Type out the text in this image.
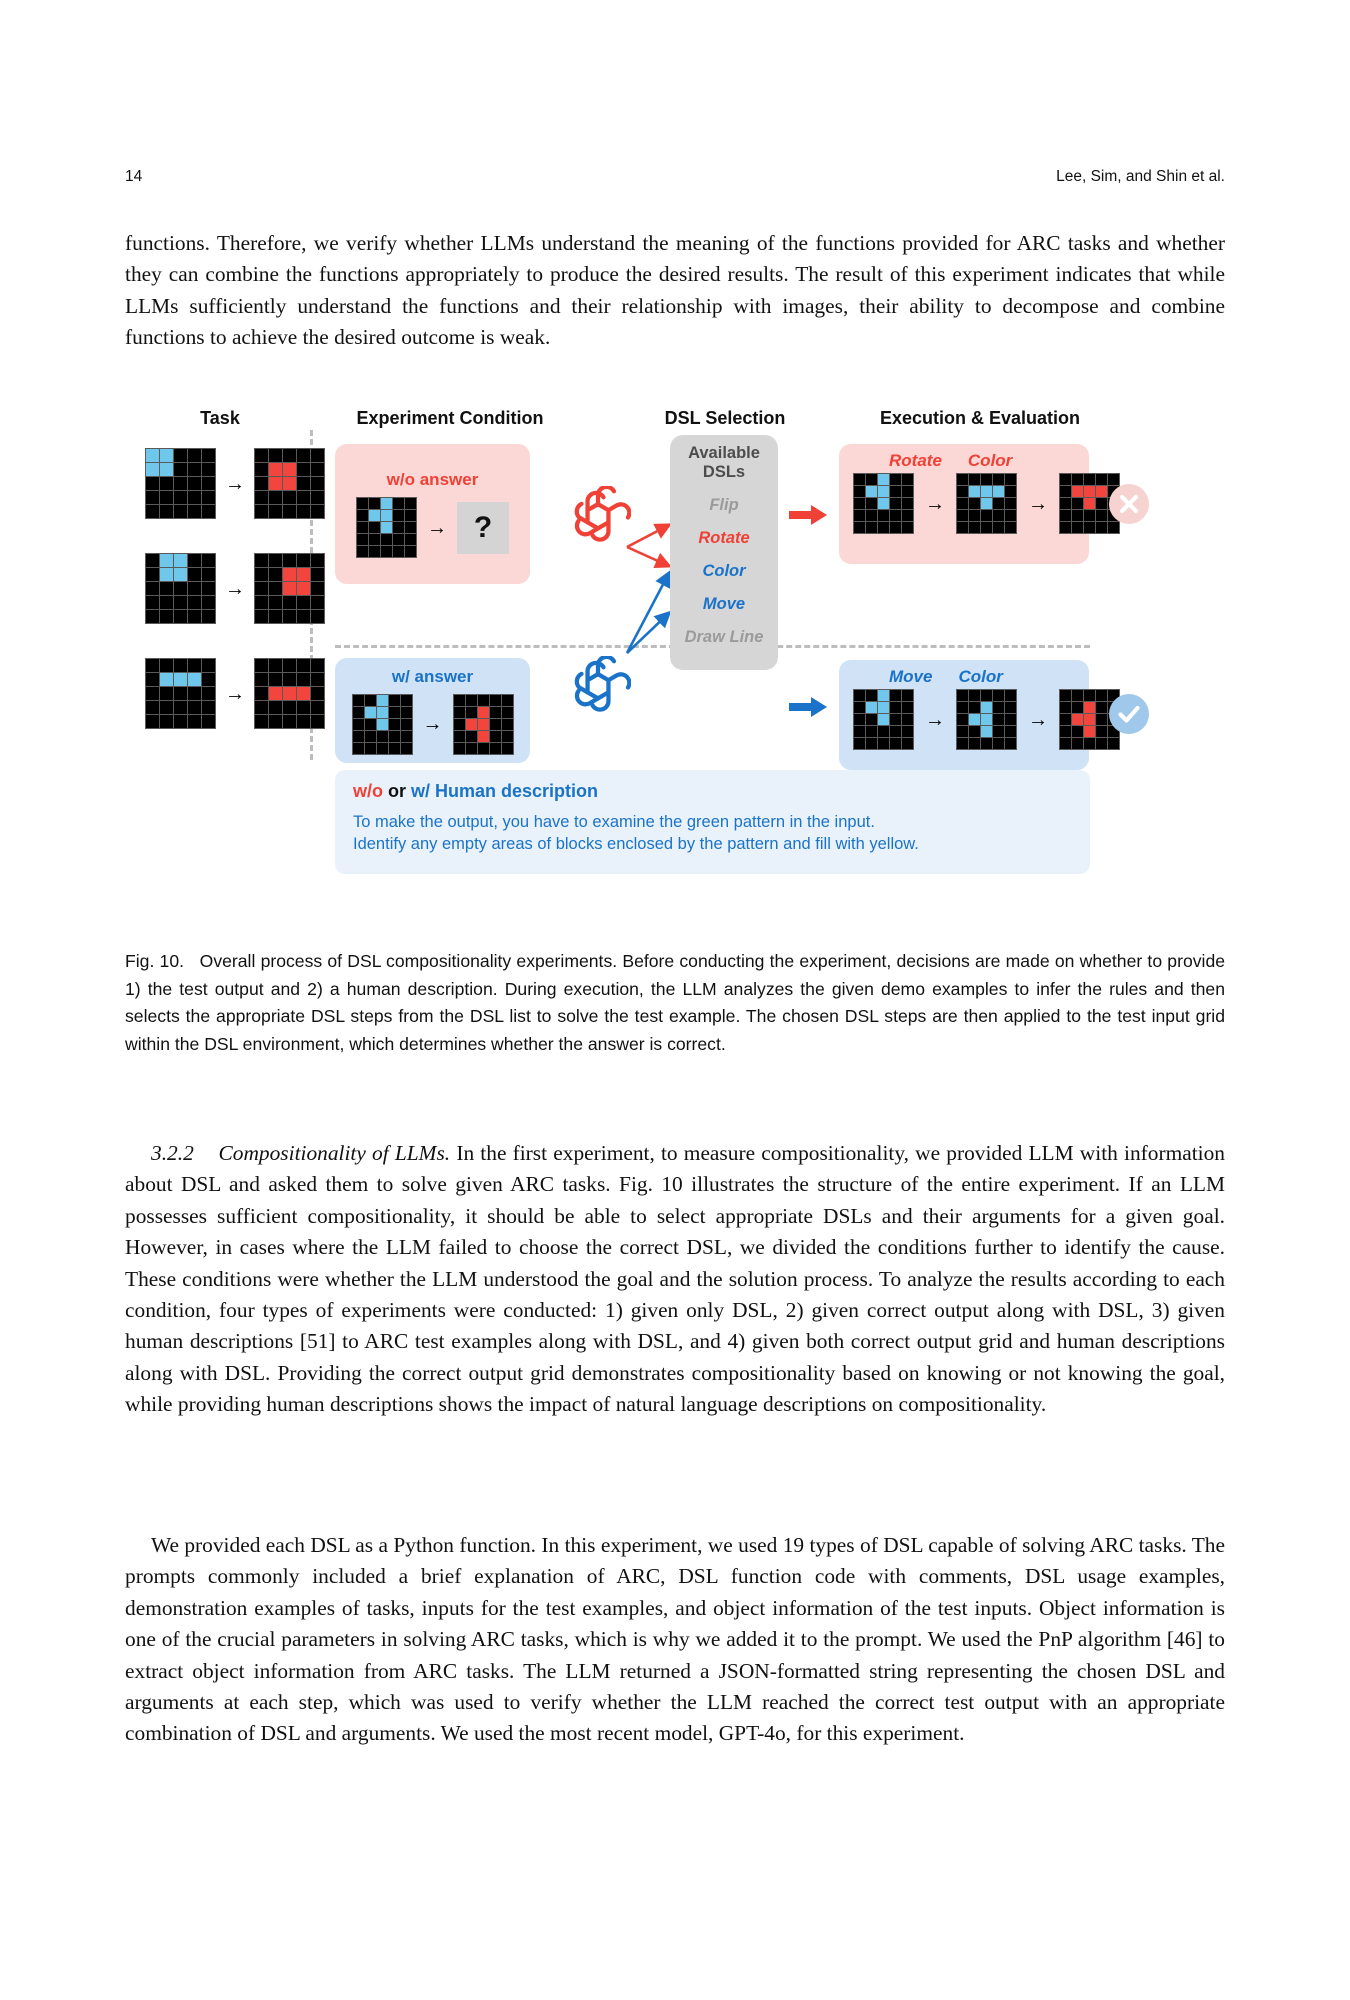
14	Lee, Sim, and Shin et al.
functions. Therefore, we verify whether LLMs understand the meaning of the functions provided for ARC tasks and whether they can combine the functions appropriately to produce the desired results. The result of this experiment indicates that while LLMs sufficiently understand the functions and their relationship with images, their ability to decompose and combine functions to achieve the desired outcome is weak.
Task	Experiment Condition	DSL Selection	Execution & Evaluation
→
→
→
w/o answer
→ ?
w/ answer
→
Available DSLs
Flip
Rotate
Color
Move
Draw Line
Rotate Color
→	→
Move Color
→	→
w/o or w/ Human description
To make the output, you have to examine the green pattern in the input.
Identify any empty areas of blocks enclosed by the pattern and fill with yellow.
Fig. 10. Overall process of DSL compositionality experiments. Before conducting the experiment, decisions are made on whether to provide 1) the test output and 2) a human description. During execution, the LLM analyzes the given demo examples to infer the rules and then selects the appropriate DSL steps from the DSL list to solve the test example. The chosen DSL steps are then applied to the test input grid within the DSL environment, which determines whether the answer is correct.
3.2.2 Compositionality of LLMs. In the first experiment, to measure compositionality, we provided LLM with information about DSL and asked them to solve given ARC tasks. Fig. 10 illustrates the structure of the entire experiment. If an LLM possesses sufficient compositionality, it should be able to select appropriate DSLs and their arguments for a given goal. However, in cases where the LLM failed to choose the correct DSL, we divided the conditions further to identify the cause. These conditions were whether the LLM understood the goal and the solution process. To analyze the results according to each condition, four types of experiments were conducted: 1) given only DSL, 2) given correct output along with DSL, 3) given human descriptions [51] to ARC test examples along with DSL, and 4) given both correct output grid and human descriptions along with DSL. Providing the correct output grid demonstrates compositionality based on knowing or not knowing the goal, while providing human descriptions shows the impact of natural language descriptions on compositionality.
We provided each DSL as a Python function. In this experiment, we used 19 types of DSL capable of solving ARC tasks. The prompts commonly included a brief explanation of ARC, DSL function code with comments, DSL usage examples, demonstration examples of tasks, inputs for the test examples, and object information of the test inputs. Object information is one of the crucial parameters in solving ARC tasks, which is why we added it to the prompt. We used the PnP algorithm [46] to extract object information from ARC tasks. The LLM returned a JSON-formatted string representing the chosen DSL and arguments at each step, which was used to verify whether the LLM reached the correct test output with an appropriate combination of DSL and arguments. We used the most recent model, GPT-4o, for this experiment.
